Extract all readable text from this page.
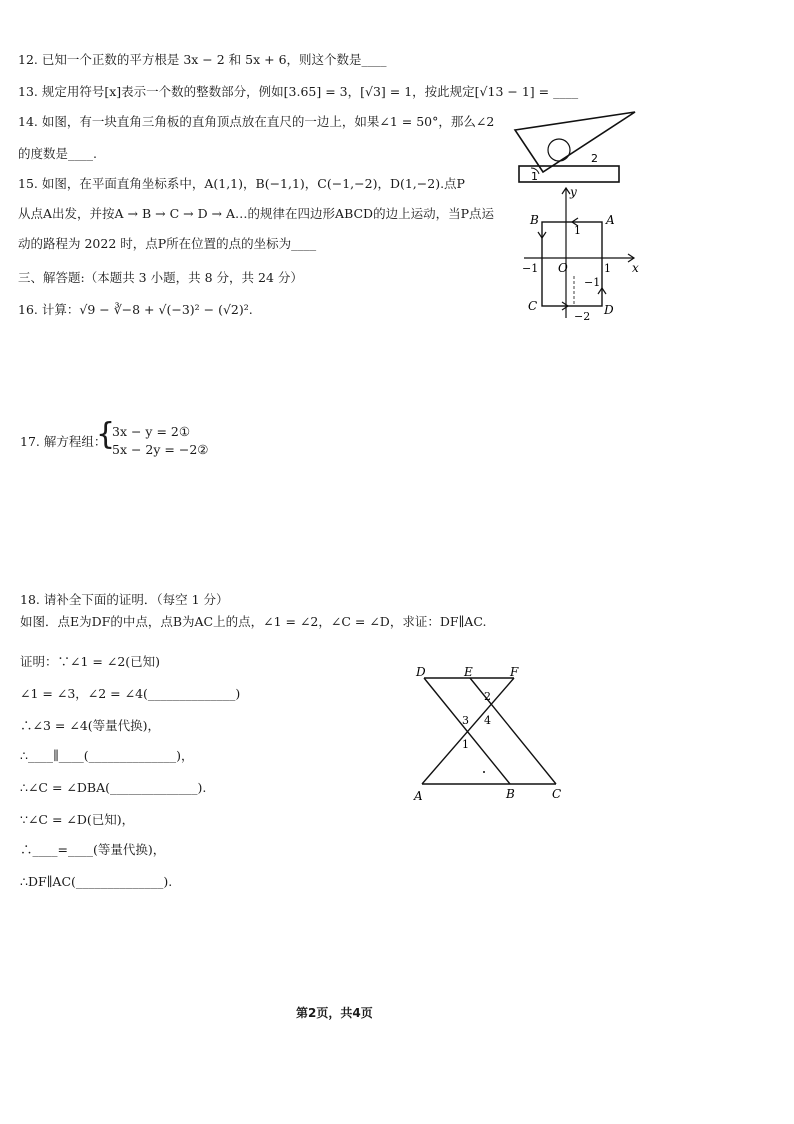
12. 已知一个正数的平方根是 3x − 2 和 5x + 6，则这个数是____
13. 规定用符号[x]表示一个数的整数部分，例如[3.65] = 3，[√3] = 1，按此规定[√13 − 1] = ____
14. 如图，有一块直角三角板的直角顶点放在直尺的一边上，如果∠1 = 50°，那么∠2
的度数是____.
1
2
15. 如图，在平面直角坐标系中，A(1,1)，B(−1,1)，C(−1,−2)，D(1,−2).点P
从点A出发，并按A → B → C → D → A…的规律在四边形ABCD的边上运动，当P点运
动的路程为 2022 时，点P所在位置的点的坐标为____
A
B
C	D
x
y
O
−1	1
1
−1
−2
三、解答题:（本题共 3 小题，共 8 分，共 24 分）
16. 计算：√9 − ∛−8 + √(−3)² − (√2)².
17. 解方程组：
{
3x − y = 2①
5x − 2y = −2②
18. 请补全下面的证明．（每空 1 分）
如图．点E为DF的中点，点B为AC上的点，∠1 = ∠2，∠C = ∠D，求证：DF∥AC.
证明：∵∠1 = ∠2(已知)
∠1 = ∠3，∠2 = ∠4(______________)
∴∠3 = ∠4(等量代换)，
∴____∥____(______________)，
∴∠C = ∠DBA(______________).
∵∠C = ∠D(已知)，
∴____=____(等量代换)，
∴DF∥AC(______________).
D	E	F
A	B	C
1
2
3 4
第2页，共4页
